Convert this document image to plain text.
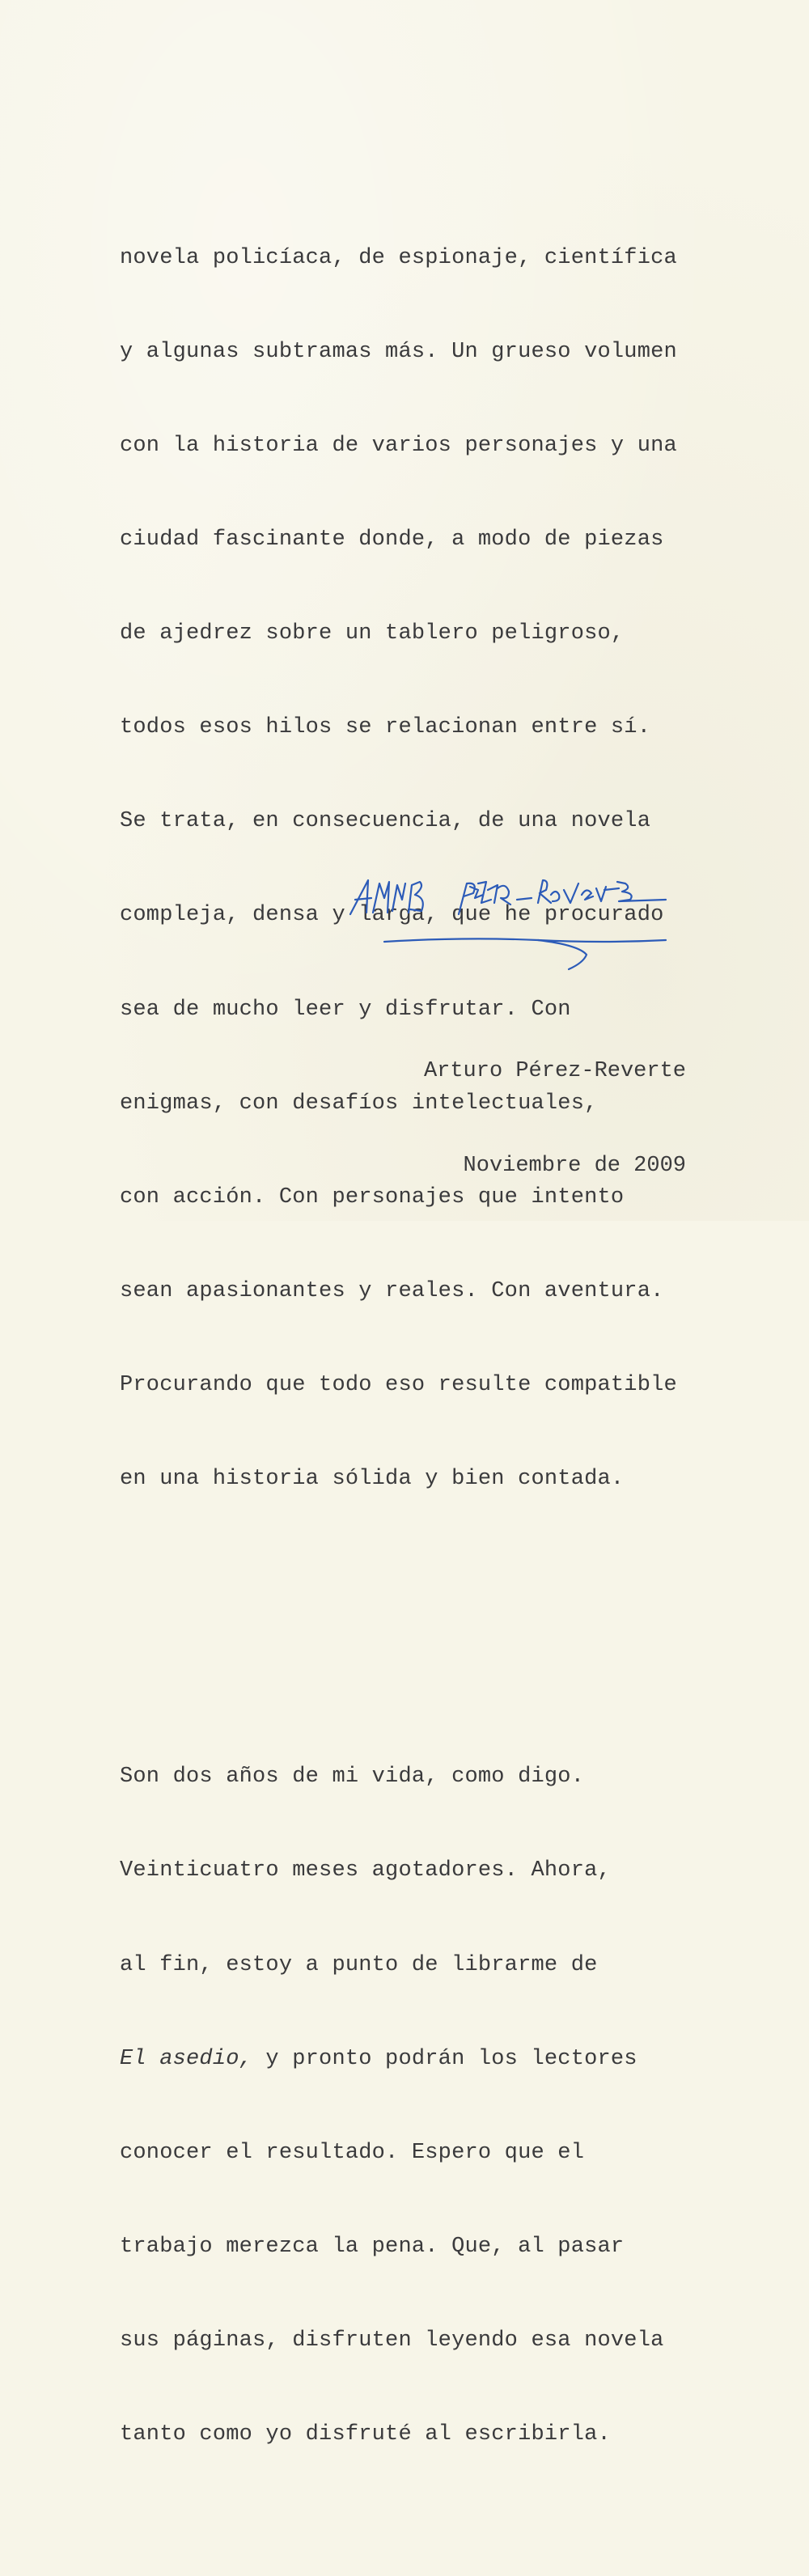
novela policíaca, de espionaje, científica

y algunas subtramas más. Un grueso volumen

con la historia de varios personajes y una

ciudad fascinante donde, a modo de piezas

de ajedrez sobre un tablero peligroso,

todos esos hilos se relacionan entre sí.

Se trata, en consecuencia, de una novela

compleja, densa y larga, que he procurado

sea de mucho leer y disfrutar. Con

enigmas, con desafíos intelectuales,

con acción. Con personajes que intento

sean apasionantes y reales. Con aventura.

Procurando que todo eso resulte compatible

en una historia sólida y bien contada.

Son dos años de mi vida, como digo.

Veinticuatro meses agotadores. Ahora,

al fin, estoy a punto de librarme de

El asedio, y pronto podrán los lectores

conocer el resultado. Espero que el

trabajo merezca la pena. Que, al pasar

sus páginas, disfruten leyendo esa novela

tanto como yo disfruté al escribirla.

Arturo Pérez-Reverte

Noviembre de 2009
